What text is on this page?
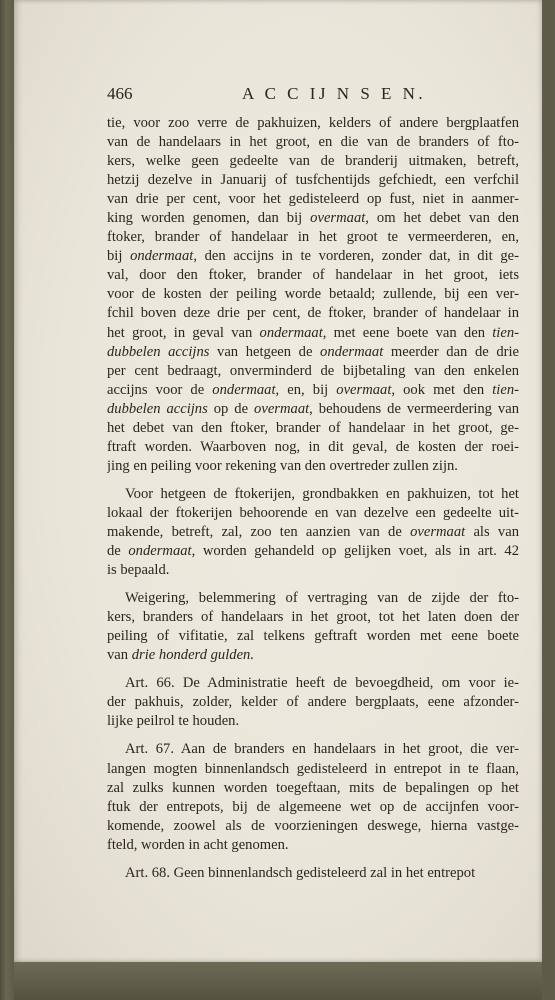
466	A C C IJ N S E N.
tie, voor zoo verre de pakhuizen, kelders of andere bergplaatfen
van de handelaars in het groot, en die van de branders of fto-
kers, welke geen gedeelte van de branderij uitmaken, betreft,
hetzij dezelve in Januarij of tusfchentijds gefchiedt, een verfchil
van drie per cent, voor het gedisteleerd op fust, niet in aanmer-
king worden genomen, dan bij overmaat, om het debet van den
ftoker, brander of handelaar in het groot te vermeerderen, en,
bij ondermaat, den accijns in te vorderen, zonder dat, in dit ge-
val, door den ftoker, brander of handelaar in het groot, iets
voor de kosten der peiling worde betaald; zullende, bij een ver-
fchil boven deze drie per cent, de ftoker, brander of handelaar in
het groot, in geval van ondermaat, met eene boete van den tien-
dubbelen accijns van hetgeen de ondermaat meerder dan de drie
per cent bedraagt, onverminderd de bijbetaling van den enkelen
accijns voor de ondermaat, en, bij overmaat, ook met den tien-
dubbelen accijns op de overmaat, behoudens de vermeerdering van
het debet van den ftoker, brander of handelaar in het groot, ge-
ftraft worden. Waarboven nog, in dit geval, de kosten der roei-
jing en peiling voor rekening van den overtreder zullen zijn.
Voor hetgeen de ftokerijen, grondbakken en pakhuizen, tot het
lokaal der ftokerijen behoorende en van dezelve een gedeelte uit-
makende, betreft, zal, zoo ten aanzien van de overmaat als van
de ondermaat, worden gehandeld op gelijken voet, als in art. 42
is bepaald.
Weigering, belemmering of vertraging van de zijde der fto-
kers, branders of handelaars in het groot, tot het laten doen der
peiling of vifitatie, zal telkens geftraft worden met eene boete
van drie honderd gulden.
Art. 66. De Administratie heeft de bevoegdheid, om voor ie-
der pakhuis, zolder, kelder of andere bergplaats, eene afzonder-
lijke peilrol te houden.
Art. 67. Aan de branders en handelaars in het groot, die ver-
langen mogten binnenlandsch gedisteleerd in entrepot in te flaan,
zal zulks kunnen worden toegeftaan, mits de bepalingen op het
ftuk der entrepots, bij de algemeene wet op de accijnfen voor-
komende, zoowel als de voorzieningen deswege, hierna vastge-
fteld, worden in acht genomen.
Art. 68. Geen binnenlandsch gedisteleerd zal in het entrepot
